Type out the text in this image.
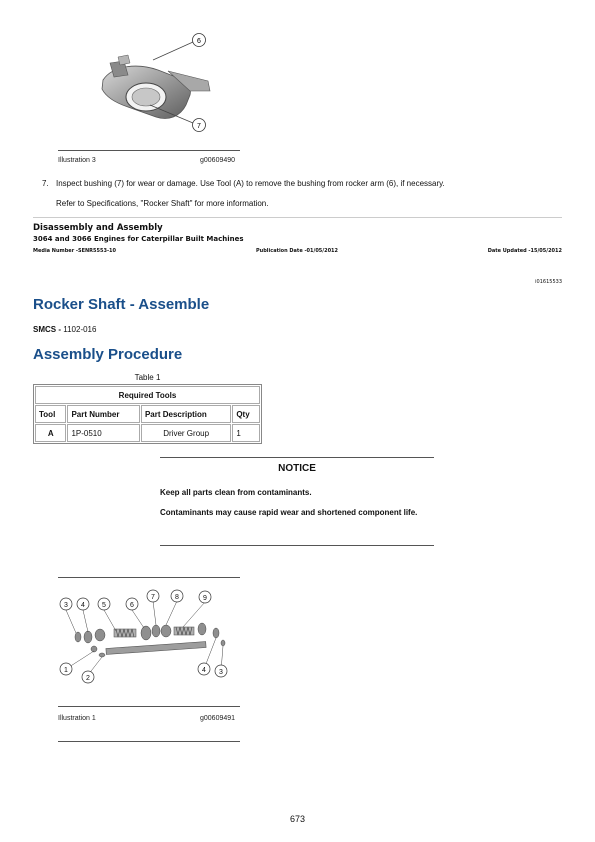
6
7
Illustration 3	g00609490
7. Inspect bushing (7) for wear or damage. Use Tool (A) to remove the bushing from rocker arm (6), if necessary.
Refer to Specifications, "Rocker Shaft" for more information.
Disassembly and Assembly
3064 and 3066 Engines for Caterpillar Built Machines
Media Number -SENR5553-10	Publication Date -01/05/2012	Date Updated -15/05/2012
i01615533
Rocker Shaft - Assemble
SMCS - 1102-016
Assembly Procedure
Table 1
Required Tools			
Tool	Part Number	Part Description	Qty
A	1P-0510	Driver Group	1
NOTICE
Keep all parts clean from contaminants.
Contaminants may cause rapid wear and shortened component life.
3 4 5	6
7	8	9
1
2
4 3
Illustration 1	g00609491
673
